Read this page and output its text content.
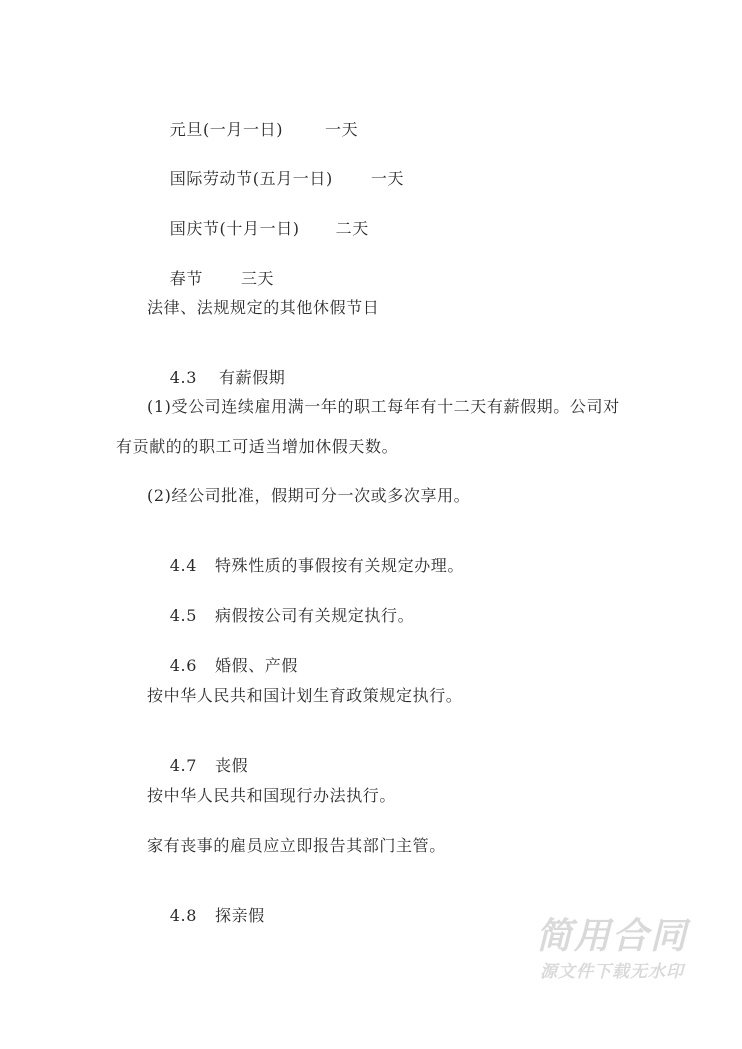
元旦(一月一日)	一天

国际劳动节(五月一日) 一天

国庆节(十月一日) 二天

春节 三天

法律、法规规定的其他休假节日

4.3 有薪假期

(1)受公司连续雇用满一年的职工每年有十二天有薪假期。公司对有贡献的的职工可适当增加休假天数。
(2)经公司批准，假期可分一次或多次享用。

4.4 特殊性质的事假按有关规定办理。

4.5 病假按公司有关规定执行。

4.6 婚假、产假

按中华人民共和国计划生育政策规定执行。

4.7 丧假

按中华人民共和国现行办法执行。
家有丧事的雇员应立即报告其部门主管。

4.8 探亲假

简用合同
源文件下载无水印
